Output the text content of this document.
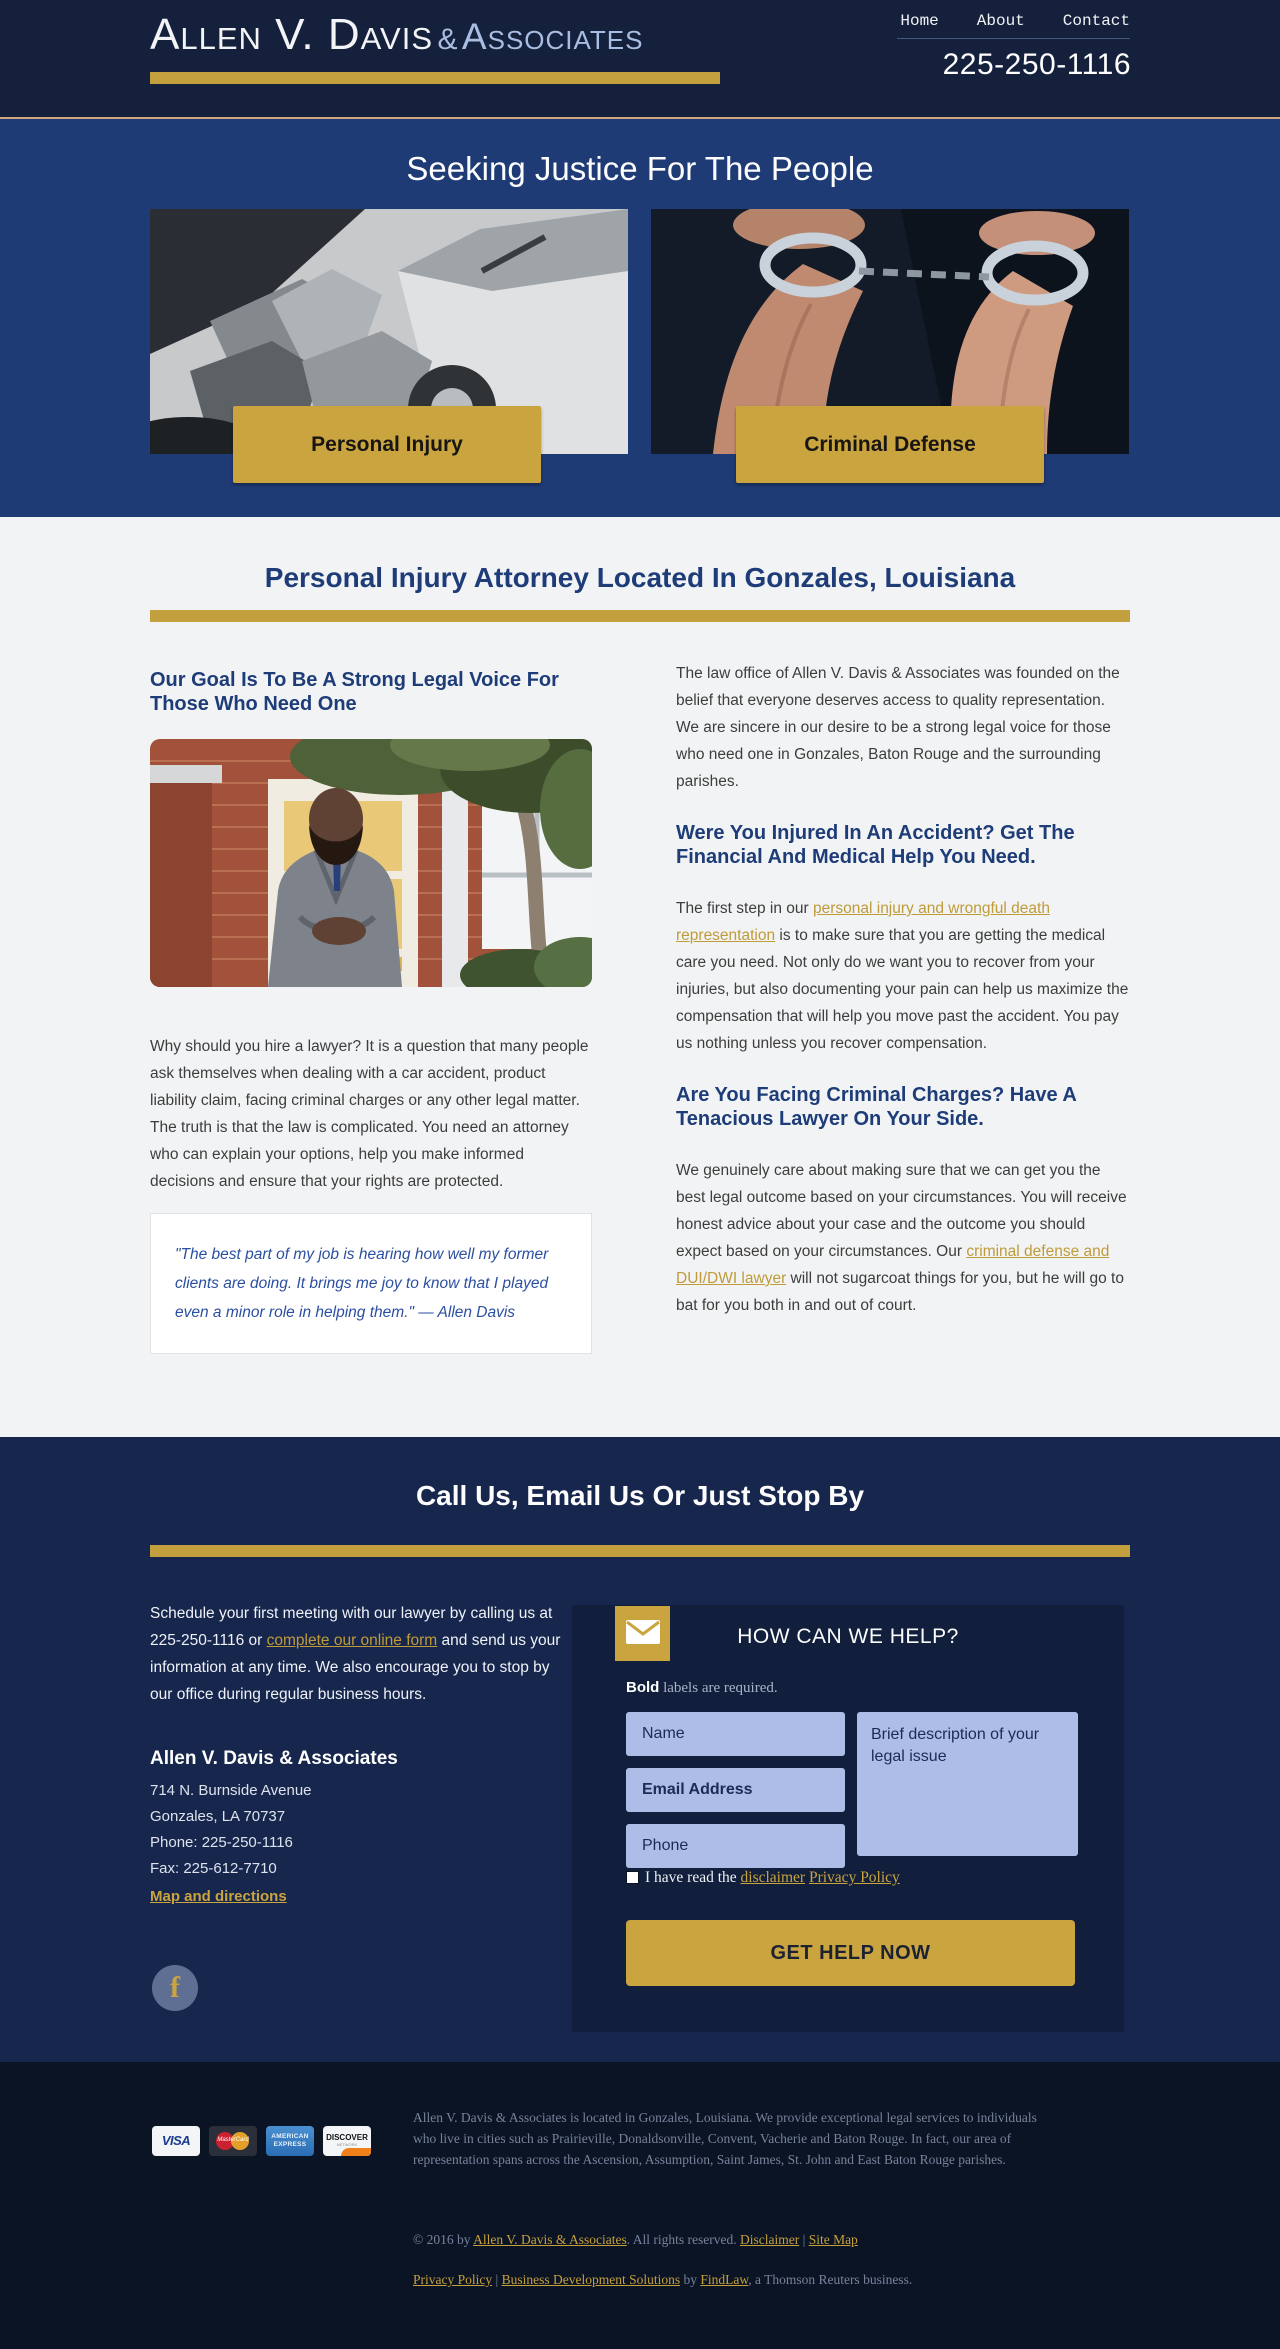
Allen V. Davis & Associates	Home About Contact
225-250-1116
Seeking Justice For The People
Personal Injury	Criminal Defense
Personal Injury Attorney Located In Gonzales, Louisiana
Our Goal Is To Be A Strong Legal Voice For Those Who Need One

Why should you hire a lawyer? It is a question that many people ask themselves when dealing with a car accident, product liability claim, facing criminal charges or any other legal matter. The truth is that the law is complicated. You need an attorney who can explain your options, help you make informed decisions and ensure that your rights are protected.

"The best part of my job is hearing how well my former clients are doing. It brings me joy to know that I played even a minor role in helping them." — Allen Davis

The law office of Allen V. Davis & Associates was founded on the belief that everyone deserves access to quality representation. We are sincere in our desire to be a strong legal voice for those who need one in Gonzales, Baton Rouge and the surrounding parishes.

Were You Injured In An Accident? Get The Financial And Medical Help You Need.

The first step in our personal injury and wrongful death representation is to make sure that you are getting the medical care you need. Not only do we want you to recover from your injuries, but also documenting your pain can help us maximize the compensation that will help you move past the accident. You pay us nothing unless you recover compensation.

Are You Facing Criminal Charges? Have A Tenacious Lawyer On Your Side.

We genuinely care about making sure that we can get you the best legal outcome based on your circumstances. You will receive honest advice about your case and the outcome you should expect based on your circumstances. Our criminal defense and DUI/DWI lawyer will not sugarcoat things for you, but he will go to bat for you both in and out of court.

Call Us, Email Us Or Just Stop By

Schedule your first meeting with our lawyer by calling us at 225-250-1116 or complete our online form and send us your information at any time. We also encourage you to stop by our office during regular business hours.

Allen V. Davis & Associates
714 N. Burnside Avenue
Gonzales, LA 70737
Phone: 225-250-1116
Fax: 225-612-7710
Map and directions
f
HOW CAN WE HELP?
Bold labels are required.
Name
Email Address
Phone
Brief description of your legal issue
I have read the disclaimer Privacy Policy
GET HELP NOW
VISA	MasterCard	AMERICAN EXPRESS
DISCOVER
NETWORK

Allen V. Davis & Associates is located in Gonzales, Louisiana. We provide exceptional legal services to individuals who live in cities such as Prairieville, Donaldsonville, Convent, Vacherie and Baton Rouge. In fact, our area of representation spans across the Ascension, Assumption, Saint James, St. John and East Baton Rouge parishes.

© 2016 by Allen V. Davis & Associates. All rights reserved. Disclaimer | Site Map
Privacy Policy | Business Development Solutions by FindLaw, a Thomson Reuters business.
